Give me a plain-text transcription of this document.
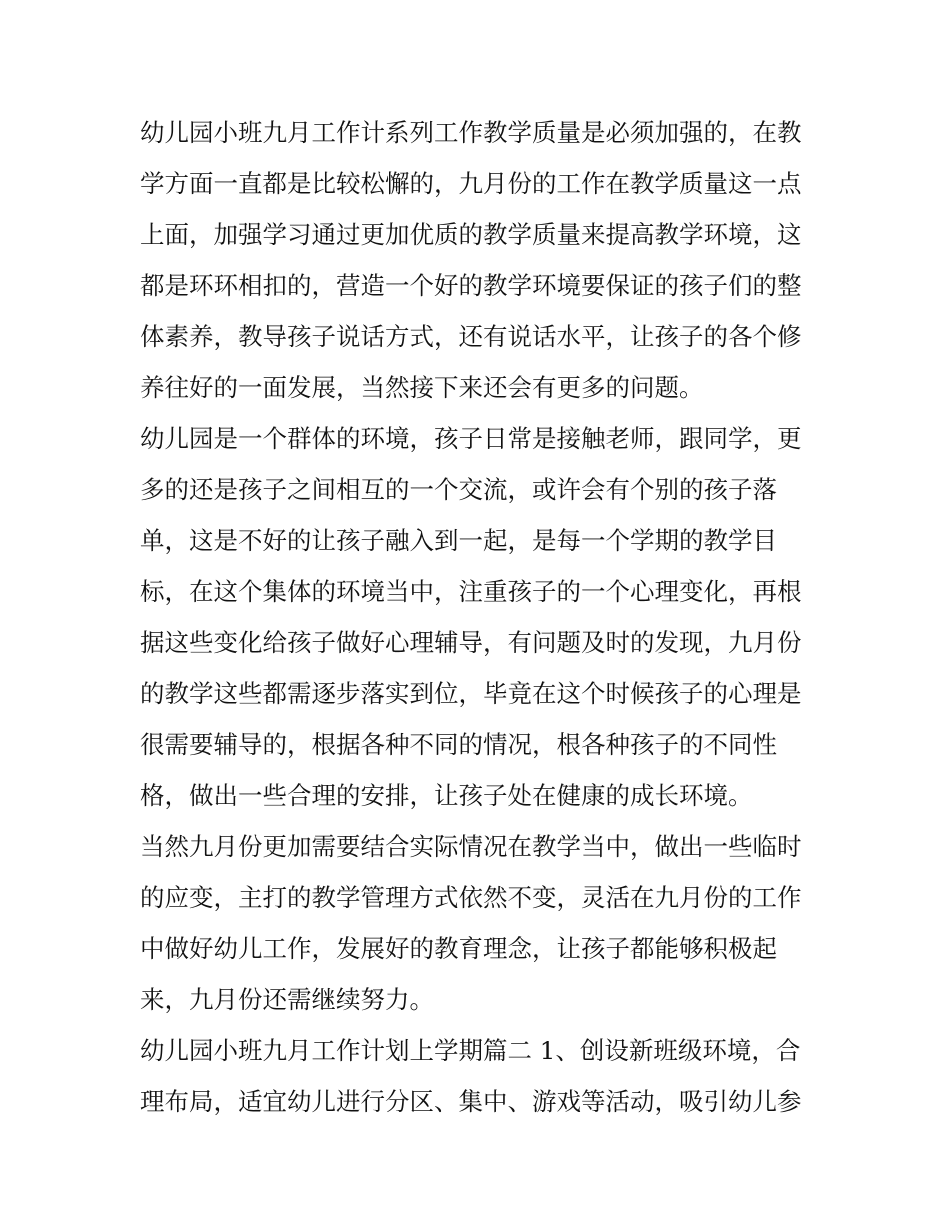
幼儿园小班九月工作计系列工作教学质量是必须加强的，在教
学方面一直都是比较松懈的，九月份的工作在教学质量这一点
上面，加强学习通过更加优质的教学质量来提高教学环境，这
都是环环相扣的，营造一个好的教学环境要保证的孩子们的整
体素养，教导孩子说话方式，还有说话水平，让孩子的各个修
养往好的一面发展，当然接下来还会有更多的问题。
幼儿园是一个群体的环境，孩子日常是接触老师，跟同学，更
多的还是孩子之间相互的一个交流，或许会有个别的孩子落
单，这是不好的让孩子融入到一起，是每一个学期的教学目
标，在这个集体的环境当中，注重孩子的一个心理变化，再根
据这些变化给孩子做好心理辅导，有问题及时的发现，九月份
的教学这些都需逐步落实到位，毕竟在这个时候孩子的心理是
很需要辅导的，根据各种不同的情况，根各种孩子的不同性
格，做出一些合理的安排，让孩子处在健康的成长环境。
当然九月份更加需要结合实际情况在教学当中，做出一些临时
的应变，主打的教学管理方式依然不变，灵活在九月份的工作
中做好幼儿工作，发展好的教育理念，让孩子都能够积极起
来，九月份还需继续努力。
幼儿园小班九月工作计划上学期篇二 1、创设新班级环境，合
理布局，适宜幼儿进行分区、集中、游戏等活动，吸引幼儿参
